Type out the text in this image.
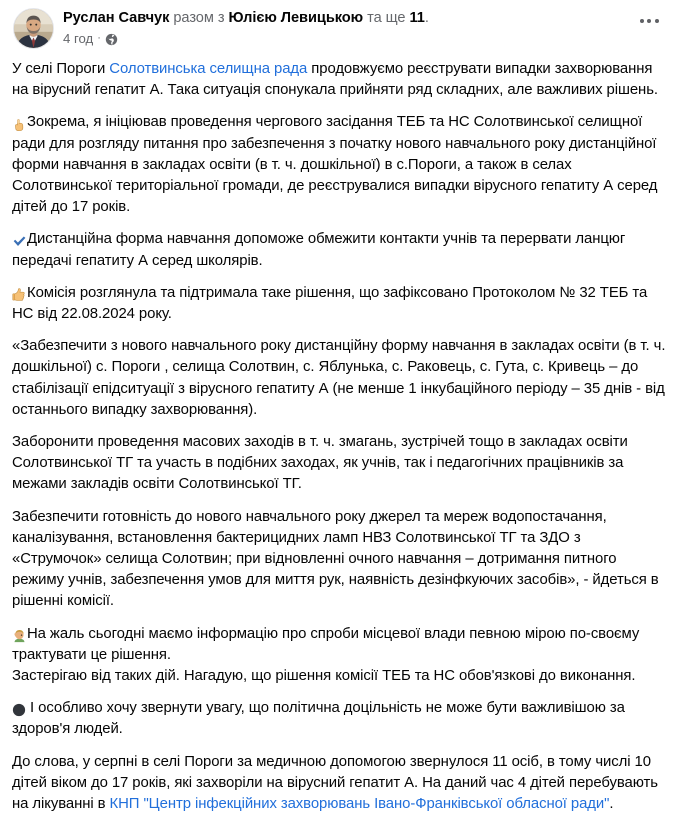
Руслан Савчук разом з Юлією Левицькою та ще 11.
4 год ·

У селі Пороги Солотвинська селищна рада продовжуємо реєструвати випадки захворювання на вірусний гепатит А. Така ситуація спонукала прийняти ряд складних, але важливих рішень.

Зокрема, я ініціював проведення чергового засідання ТЕБ та НС Солотвинської селищної ради для розгляду питання про забезпечення з початку нового навчального року дистанційної форми навчання в закладах освіти (в т. ч. дошкільної) в с.Пороги, а також в селах Солотвинської територіальної громади, де реєструвалися випадки вірусного гепатиту А серед дітей до 17 років.

Дистанційна форма навчання допоможе обмежити контакти учнів та перервати ланцюг передачі гепатиту А серед школярів.

Комісія розглянула та підтримала таке рішення, що зафіксовано Протоколом № 32 ТЕБ та НС від 22.08.2024 року.

«Забезпечити з нового навчального року дистанційну форму навчання в закладах освіти (в т. ч. дошкільної) с. Пороги , селища Солотвин, с. Яблунька, с. Раковець, с. Гута, с. Кривець – до стабілізації епідситуації з вірусного гепатиту А (не менше 1 інкубаційного періоду – 35 днів - від останнього випадку захворювання).

Заборонити проведення масових заходів в т. ч. змагань, зустрічей тощо в закладах освіти Солотвинської ТГ та участь в подібних заходах, як учнів, так і педагогічних працівників за межами закладів освіти Солотвинської ТГ.

Забезпечити готовність до нового навчального року джерел та мереж водопостачання, каналізування, встановлення бактерицидних ламп НВЗ Солотвинської ТГ та ЗДО з «Струмочок» селища Солотвин; при відновленні очного навчання – дотримання питного режиму учнів, забезпечення умов для миття рук, наявність дезінфкуючих засобів», - йдеться в рішенні комісії.

На жаль сьогодні маємо інформацію про спроби місцевої влади певною мірою по-своєму трактувати це рішення.

Застерігаю від таких дій. Нагадую, що рішення комісії ТЕБ та НС обов'язкові до виконання.

І особливо хочу звернути увагу, що політична доцільність не може бути важливішою за здоров'я людей.

До слова, у серпні в селі Пороги за медичною допомогою звернулося 11 осіб, в тому числі 10 дітей віком до 17 років, які захворіли на вірусний гепатит А. На даний час 4 дітей перебувають на лікуванні в КНП "Центр інфекційних захворювань Івано-Франківської обласної ради".
